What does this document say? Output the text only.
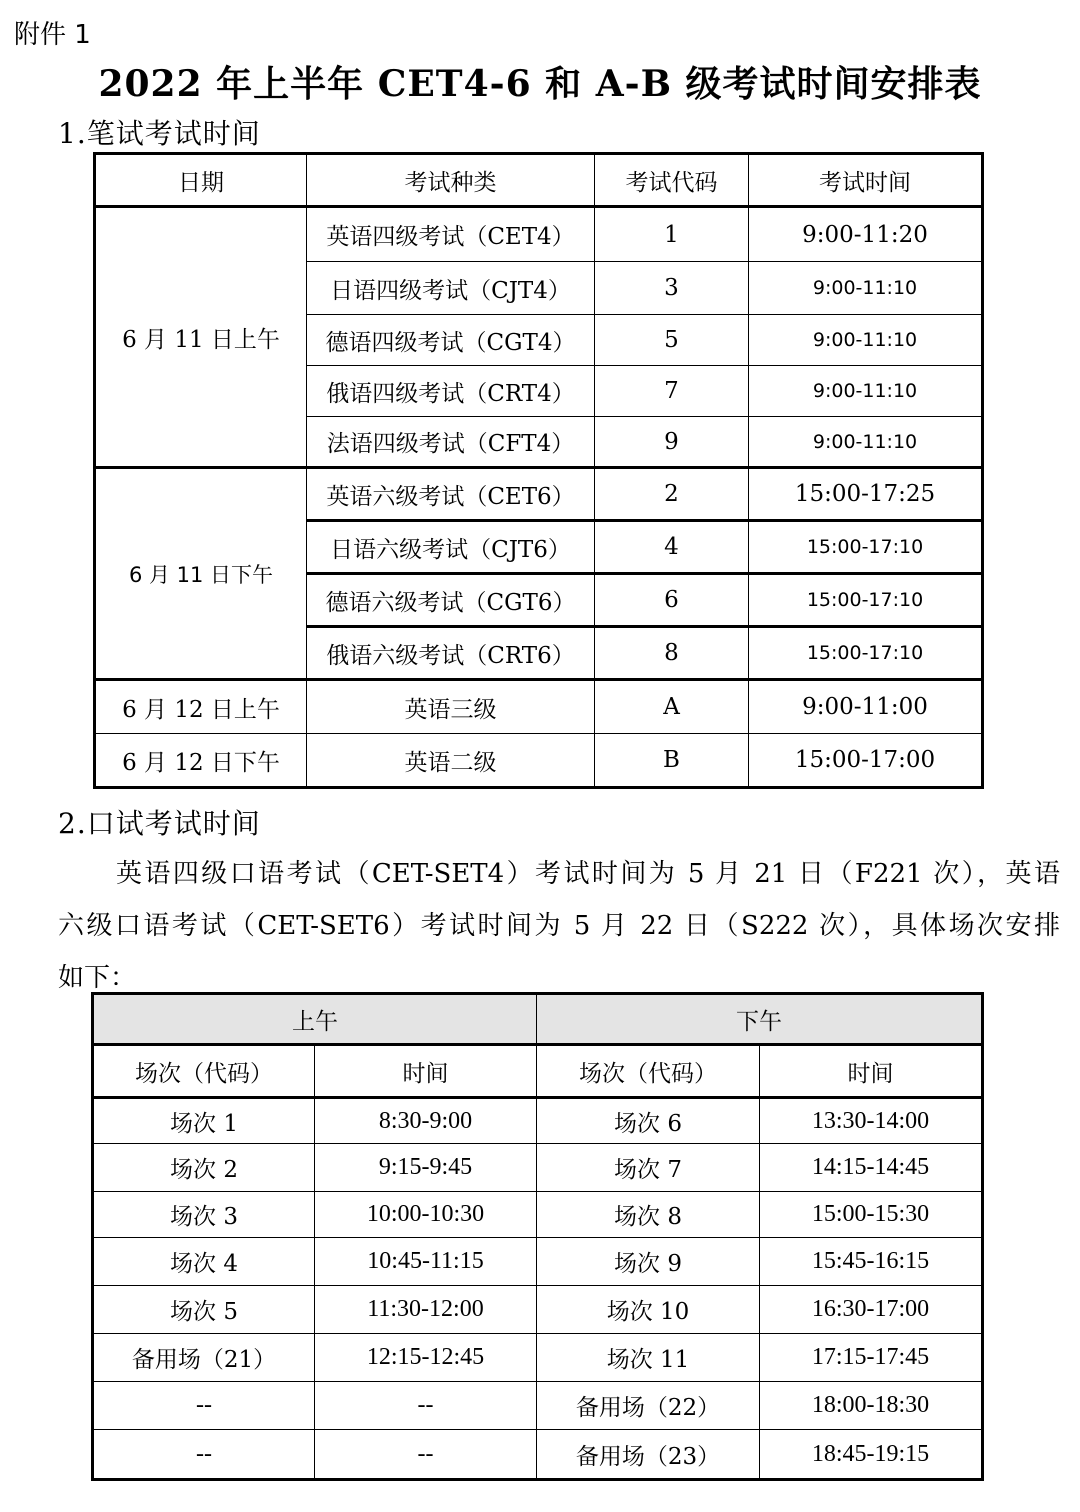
附件 1
2022 年上半年 CET4-6 和 A-B 级考试时间安排表
1.笔试考试时间
日期	考试种类	考试代码	考试时间
6 月 11 日上午	英语四级考试（CET4）	1	9:00-11:20
	日语四级考试（CJT4）	3	9:00-11:10
	德语四级考试（CGT4）	5	9:00-11:10
	俄语四级考试（CRT4）	7	9:00-11:10
	法语四级考试（CFT4）	9	9:00-11:10
6 月 11 日下午	英语六级考试（CET6）	2	15:00-17:25
	日语六级考试（CJT6）	4	15:00-17:10
	德语六级考试（CGT6）	6	15:00-17:10
	俄语六级考试（CRT6）	8	15:00-17:10
6 月 12 日上午	英语三级	A	9:00-11:00
6 月 12 日下午	英语二级	B	15:00-17:00
2.口试考试时间
英语四级口语考试（CET-SET4）考试时间为 5 月 21 日（F221 次），英语
六级口语考试（CET-SET6）考试时间为 5 月 22 日（S222 次），具体场次安排
如下：
上午		下午	
场次（代码）	时间	场次（代码）	时间
场次 1	8:30-9:00	场次 6	13:30-14:00
场次 2	9:15-9:45	场次 7	14:15-14:45
场次 3	10:00-10:30	场次 8	15:00-15:30
场次 4	10:45-11:15	场次 9	15:45-16:15
场次 5	11:30-12:00	场次 10	16:30-17:00
备用场（21）	12:15-12:45	场次 11	17:15-17:45
--	--	备用场（22）	18:00-18:30
--	--	备用场（23）	18:45-19:15
